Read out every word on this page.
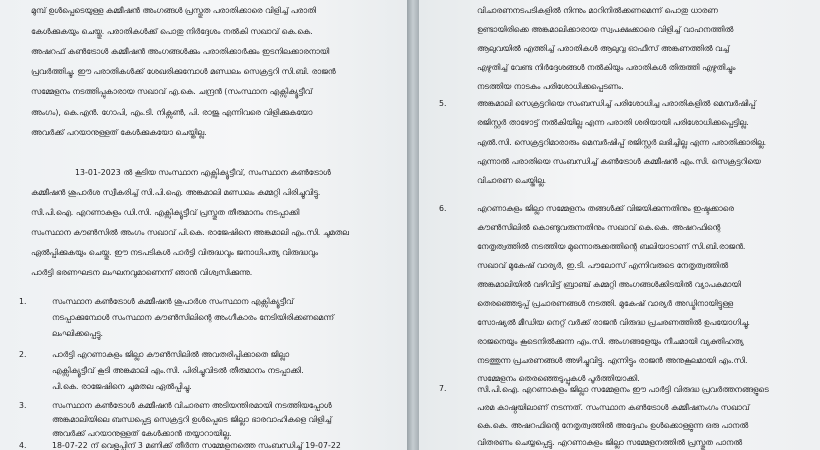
മുമ്പ് ഉൾപ്പെടെയുള്ള കമ്മീഷൻ അംഗങ്ങൾ പ്രസ്തുത പരാതിക്കാരെ വിളിച്ച് പരാതി
കേൾക്കുകയും ചെയ്തു. പരാതികൾക്ക് പൊതു നിർദ്ദേശം നൽകി സഖാവ് കെ.കെ.
അഷറഫ് കൺട്രോൾ കമ്മീഷൻ അംഗങ്ങൾക്കും പരാതിക്കാർക്കും ഇടനിലക്കാരനായി
പ്രവർത്തിച്ചു. ഈ പരാതികൾക്ക് ശേഖരിക്കുമ്പോൾ മണ്ഡലം സെക്രട്ടറി സി.ബി. രാജൻ
സമ്മേളനം നടത്തിപ്പുകാരായ സഖാവ് എ.കെ. ചന്ദ്രൻ (സംസ്ഥാന എക്സിക്യൂട്ടീവ്
അംഗം), കെ.എൻ. ഗോപി, എം.ടി. നിക്സൺ, പി. രാജു എന്നിവരെ വിളിക്കുകയോ
അവർക്ക് പറയാനുള്ളത് കേൾക്കുകയോ ചെയ്തില്ല.
13-01-2023 ൽ കൂടിയ സംസ്ഥാന എക്സിക്യൂട്ടീവ്, സംസ്ഥാന കൺട്രോൾ
കമ്മീഷൻ ശുപാർശ സ്വീകരിച്ച് സി.പി.ഐ. അങ്കമാലി മണ്ഡലം കമ്മറ്റി പിരിച്ചുവിട്ടു.
സി.പി.ഐ. എറണാകുളം ഡി.സി. എക്സിക്യൂട്ടീവ് പ്രസ്തുത തീരുമാനം നടപ്പാക്കി
സംസ്ഥാന കൗൺസിൽ അംഗം സഖാവ് പി.കെ. രാജേഷിനെ അങ്കമാലി എം.സി. ചുമതല
ഏൽപ്പിക്കുകയും ചെയ്തു. ഈ നടപടികൾ പാർട്ടി വിരുദ്ധവും ജനാധിപത്യ വിരുദ്ധവും
പാർട്ടി ഭരണഘടന ലംഘനവുമാണെന്ന് ഞാൻ വിശ്വസിക്കുന്നു.
1.	സംസ്ഥാന കൺട്രോൾ കമ്മീഷൻ ശുപാർശ സംസ്ഥാന എക്സിക്യൂട്ടീവ്
നടപ്പാക്കുമ്പോൾ സംസ്ഥാന കൗൺസിലിന്റെ അംഗീകാരം നേടിയിരിക്കണമെന്ന്
ലംഘിക്കപ്പെട്ടു.
2.	പാർട്ടി എറണാകുളം ജില്ലാ കൗൺസിലിൽ അവതരിപ്പിക്കാതെ ജില്ലാ
എക്സിക്യൂട്ടീവ് കൂടി അങ്കമാലി എം.സി. പിരിച്ചുവിടൽ തീരുമാനം നടപ്പാക്കി.
പി.കെ. രാജേഷിനെ ചുമതല ഏൽപ്പിച്ചു.
3.	സംസ്ഥാന കൺട്രോൾ കമ്മീഷൻ വിചാരണ അടിയന്തിരമായി നടത്തിയപ്പോൾ
അങ്കമാലിയിലെ ബന്ധപ്പെട്ട സെക്രട്ടറി ഉൾപ്പെടെ ജില്ലാ ഭാരവാഹികളെ വിളിച്ച്
അവർക്ക് പറയാനുള്ളത് കേൾക്കാൻ തയ്യാറായില്ല.
4.	18-07-22 ന് വെളുപ്പിന് 3 മണിക്ക് തീർന്ന സമ്മേളനത്തെ സംബന്ധിച്ച് 19-07-22
വിചാരണനടപടികളിൽ നിന്നും മാറിനിൽക്കണമെന്ന് പൊതു ധാരണ
ഉണ്ടായിരിക്കെ അങ്കമാലിക്കാരായ സ്വപക്ഷക്കാരെ വിളിച്ച് വാഹനത്തിൽ
ആലുവയിൽ എത്തിച്ച് പരാതികൾ ആലുവ്വ ഓഫീസ് അങ്കണത്തിൽ വച്ച്
എഴുതിച്ച് വേണ്ട നിർദ്ദേശങ്ങൾ നൽകിയും പരാതികൾ തിരുത്തി എഴുതിച്ചും
നടത്തിയ നാടകം പരിശോധിക്കപ്പെടണം.
5.	അങ്കമാലി സെക്രട്ടറിയെ സംബന്ധിച്ച് പരിശോധിച്ച പരാതികളിൽ മെമ്പർഷിപ്പ്
രജിസ്റ്റർ താഴോട്ട് നൽകിയില്ല എന്ന പരാതി ശരിയായി പരിശോധിക്കപ്പെട്ടില്ല.
എൽ.സി. സെക്രട്ടറിമാരാരും മെമ്പർഷിപ്പ് രജിസ്റ്റർ ലഭിച്ചില്ല എന്ന പരാതിക്കാരില്ല.
എന്നാൽ പരാതിയെ സംബന്ധിച്ച് കൺട്രോൾ കമ്മീഷൻ എം.സി. സെക്രട്ടറിയെ
വിചാരണ ചെയ്തില്ല.
6.	എറണാകുളം ജില്ലാ സമ്മേളനം തങ്ങൾക്ക് വിജയിക്കുന്നതിനും ഇഷ്ടക്കാരെ
കൗൺസിലിൽ കൊണ്ടുവരുന്നതിനും സഖാവ് കെ.കെ. അഷറഫിന്റെ
നേതൃത്വത്തിൽ നടത്തിയ മുന്നൊരുക്കത്തിന്റെ ബലിയാടാണ് സി.ബി.രാജൻ.
സഖാവ് മുകേഷ് വാര്യർ, ഇ.ടി. പൗലോസ് എന്നിവരുടെ നേതൃത്വത്തിൽ
അങ്കമാലിയിൽ വഴിവിട്ട് ബ്രാഞ്ച് കമ്മറ്റി അംഗങ്ങൾക്കിടയിൽ വ്യാപകമായി
തെരഞ്ഞെടുപ്പ് പ്രചാരണങ്ങൾ നടത്തി. മുകേഷ് വാര്യർ അഡ്മിനായിട്ടുള്ള
സോഷ്യൽ മീഡിയ നെറ്റ് വർക്ക് രാജൻ വിരുദ്ധ പ്രചരണത്തിൽ ഉപയോഗിച്ചു.
രാജനെയും കൂടെനിൽക്കുന്ന എം.സി. അംഗങ്ങളേയും നീചമായി വ്യക്തിഹത്യ
നടത്തുന്ന പ്രചരണങ്ങൾ അഴിച്ചുവിട്ടു. എന്നിട്ടും രാജൻ അനുകൂലമായി എം.സി.
സമ്മേളനം തെരഞ്ഞെടുപ്പുകൾ പൂർത്തിയാക്കി.
7.	സി.പി.ഐ. എറണാകുളം ജില്ലാ സമ്മേളനം ഈ പാർട്ടി വിരുദ്ധ പ്രവർത്തനങ്ങളുടെ
പരമ കാഷ്ഠയിലാണ് നടന്നത്. സംസ്ഥാന കൺട്രോൾ കമ്മീഷനംഗം സഖാവ്
കെ.കെ. അഷറഫിന്റെ നേതൃത്വത്തിൽ അദ്ദേഹം ഉൾക്കൊള്ളുന്ന ഒരു പാനൽ
വിതരണം ചെയ്യപ്പെട്ടു. എറണാകുളം ജില്ലാ സമ്മേളനത്തിൽ പ്രസ്തുത പാനൽ
